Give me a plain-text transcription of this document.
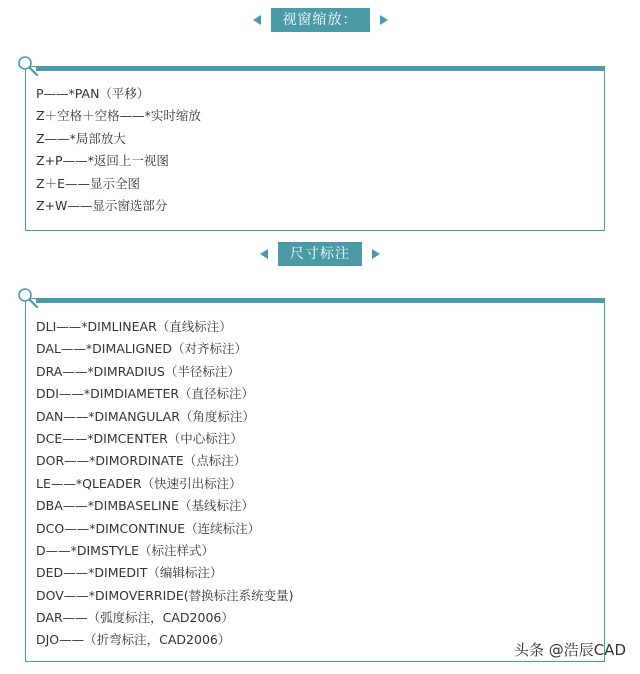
视窗缩放：
P——*PAN（平移）
Z＋空格＋空格——*实时缩放
Z——*局部放大
Z+P——*返回上一视图
Z＋E——显示全图
Z+W——显示窗选部分
尺寸标注
DLI——*DIMLINEAR（直线标注）
DAL——*DIMALIGNED（对齐标注）
DRA——*DIMRADIUS（半径标注）
DDI——*DIMDIAMETER（直径标注）
DAN——*DIMANGULAR（角度标注）
DCE——*DIMCENTER（中心标注）
DOR——*DIMORDINATE（点标注）
LE——*QLEADER（快速引出标注）
DBA——*DIMBASELINE（基线标注）
DCO——*DIMCONTINUE（连续标注）
D——*DIMSTYLE（标注样式）
DED——*DIMEDIT（编辑标注）
DOV——*DIMOVERRIDE(替换标注系统变量)
DAR——（弧度标注，CAD2006）
DJO——（折弯标注，CAD2006）
头条 @浩辰CAD
